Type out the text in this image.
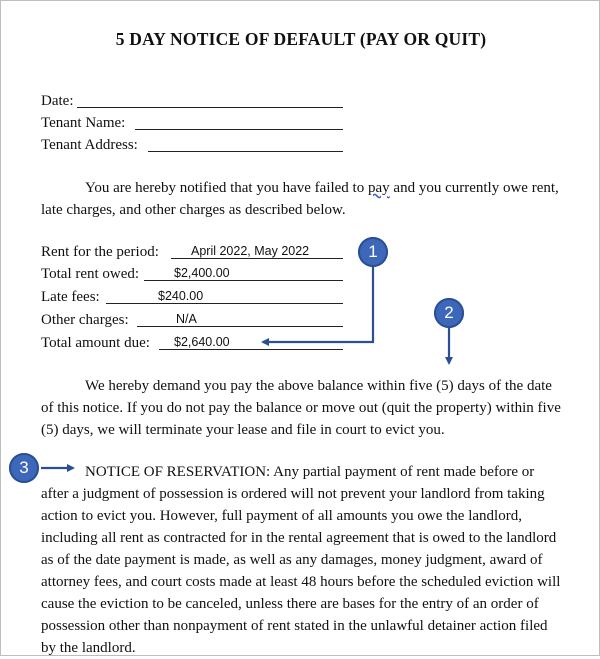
5 DAY NOTICE OF DEFAULT (PAY OR QUIT)
Date:
Tenant Name:
Tenant Address:
You are hereby notified that you have failed to pay and you currently owe rent, late charges, and other charges as described below.
Rent for the period:	April 2022, May 2022
Total rent owed:	$2,400.00
Late fees:	$240.00
Other charges:	N/A
Total amount due: $2,640.00
We hereby demand you pay the above balance within five (5) days of the date of this notice. If you do not pay the balance or move out (quit the property) within five (5) days, we will terminate your lease and file in court to evict you.
NOTICE OF RESERVATION: Any partial payment of rent made before or after a judgment of possession is ordered will not prevent your landlord from taking action to evict you. However, full payment of all amounts you owe the landlord, including all rent as contracted for in the rental agreement that is owed to the landlord as of the date payment is made, as well as any damages, money judgment, award of attorney fees, and court costs made at least 48 hours before the scheduled eviction will cause the eviction to be canceled, unless there are bases for the entry of an order of possession other than nonpayment of rent stated in the unlawful detainer action filed by the landlord.
1
2
3
